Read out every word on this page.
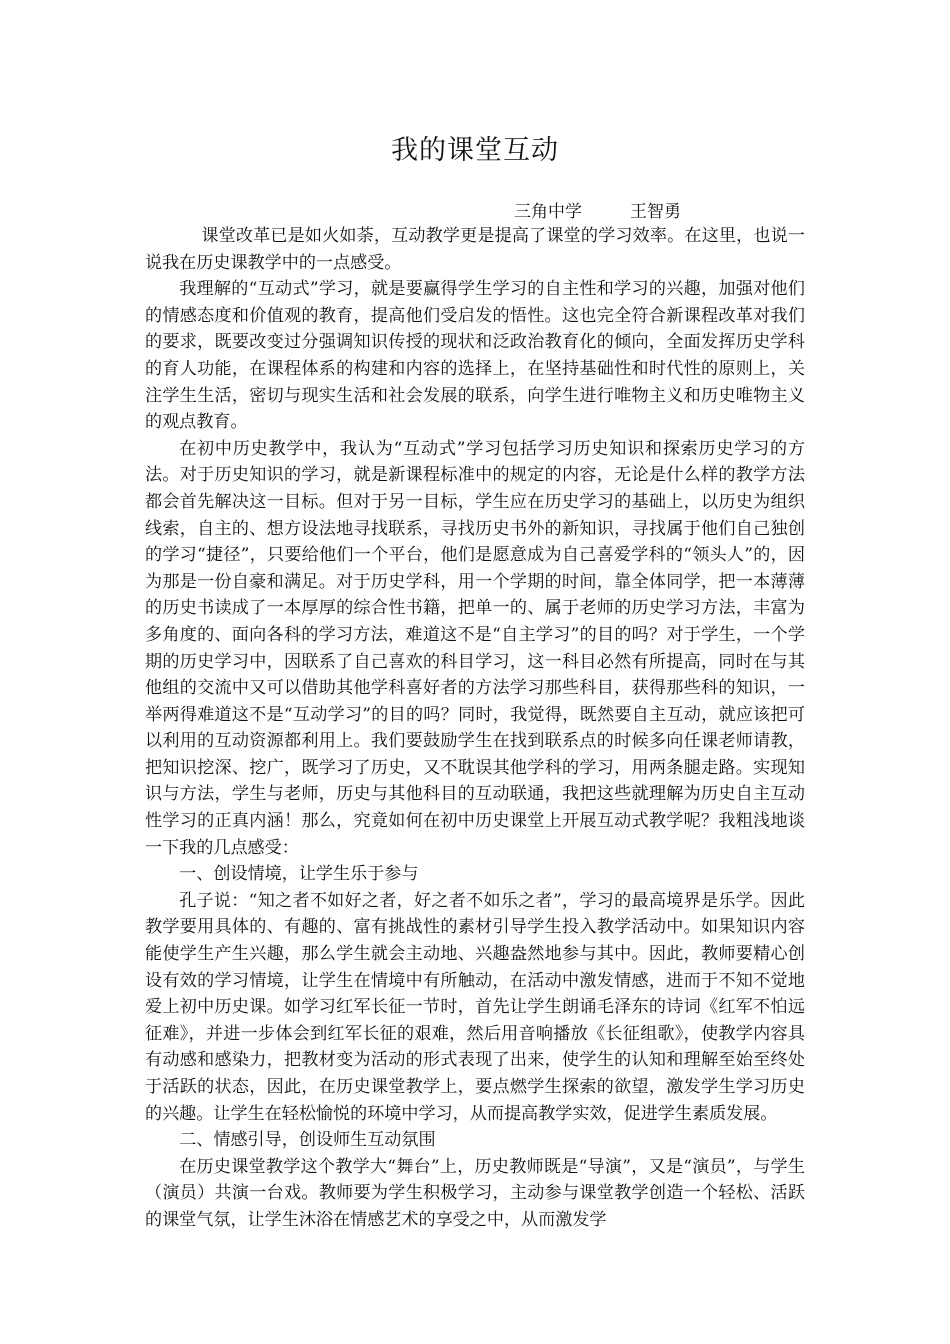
我的课堂互动
三角中学	王智勇

课堂改革已是如火如荼，互动教学更是提高了课堂的学习效率。在这里，也说一说我在历史课教学中的一点感受。

我理解的“互动式”学习，就是要赢得学生学习的自主性和学习的兴趣，加强对他们的情感态度和价值观的教育，提高他们受启发的悟性。这也完全符合新课程改革对我们的要求，既要改变过分强调知识传授的现状和泛政治教育化的倾向，全面发挥历史学科的育人功能，在课程体系的构建和内容的选择上，在坚持基础性和时代性的原则上，关注学生生活，密切与现实生活和社会发展的联系，向学生进行唯物主义和历史唯物主义的观点教育。

在初中历史教学中，我认为“互动式”学习包括学习历史知识和探索历史学习的方法。对于历史知识的学习，就是新课程标准中的规定的内容，无论是什么样的教学方法都会首先解决这一目标。但对于另一目标，学生应在历史学习的基础上，以历史为组织线索，自主的、想方设法地寻找联系，寻找历史书外的新知识，寻找属于他们自己独创的学习“捷径”，只要给他们一个平台，他们是愿意成为自己喜爱学科的“领头人”的，因为那是一份自豪和满足。对于历史学科，用一个学期的时间，靠全体同学，把一本薄薄的历史书读成了一本厚厚的综合性书籍，把单一的、属于老师的历史学习方法，丰富为多角度的、面向各科的学习方法，难道这不是“自主学习”的目的吗？对于学生，一个学期的历史学习中，因联系了自己喜欢的科目学习，这一科目必然有所提高，同时在与其他组的交流中又可以借助其他学科喜好者的方法学习那些科目，获得那些科的知识，一举两得难道这不是“互动学习”的目的吗？同时，我觉得，既然要自主互动，就应该把可以利用的互动资源都利用上。我们要鼓励学生在找到联系点的时候多向任课老师请教，把知识挖深、挖广，既学习了历史，又不耽误其他学科的学习，用两条腿走路。实现知识与方法，学生与老师，历史与其他科目的互动联通，我把这些就理解为历史自主互动性学习的正真内涵！那么，究竟如何在初中历史课堂上开展互动式教学呢？我粗浅地谈一下我的几点感受：

一、创设情境，让学生乐于参与

孔子说：“知之者不如好之者，好之者不如乐之者”，学习的最高境界是乐学。因此教学要用具体的、有趣的、富有挑战性的素材引导学生投入教学活动中。如果知识内容能使学生产生兴趣，那么学生就会主动地、兴趣盎然地参与其中。因此，教师要精心创设有效的学习情境，让学生在情境中有所触动，在活动中激发情感，进而于不知不觉地爱上初中历史课。如学习红军长征一节时，首先让学生朗诵毛泽东的诗词《红军不怕远征难》，并进一步体会到红军长征的艰难，然后用音响播放《长征组歌》，使教学内容具有动感和感染力，把教材变为活动的形式表现了出来，使学生的认知和理解至始至终处于活跃的状态，因此，在历史课堂教学上，要点燃学生探索的欲望，激发学生学习历史的兴趣。让学生在轻松愉悦的环境中学习，从而提高教学实效，促进学生素质发展。

二、情感引导，创设师生互动氛围

在历史课堂教学这个教学大“舞台”上，历史教师既是“导演”，又是“演员”，与学生（演员）共演一台戏。教师要为学生积极学习，主动参与课堂教学创造一个轻松、活跃的课堂气氛，让学生沐浴在情感艺术的享受之中，从而激发学
